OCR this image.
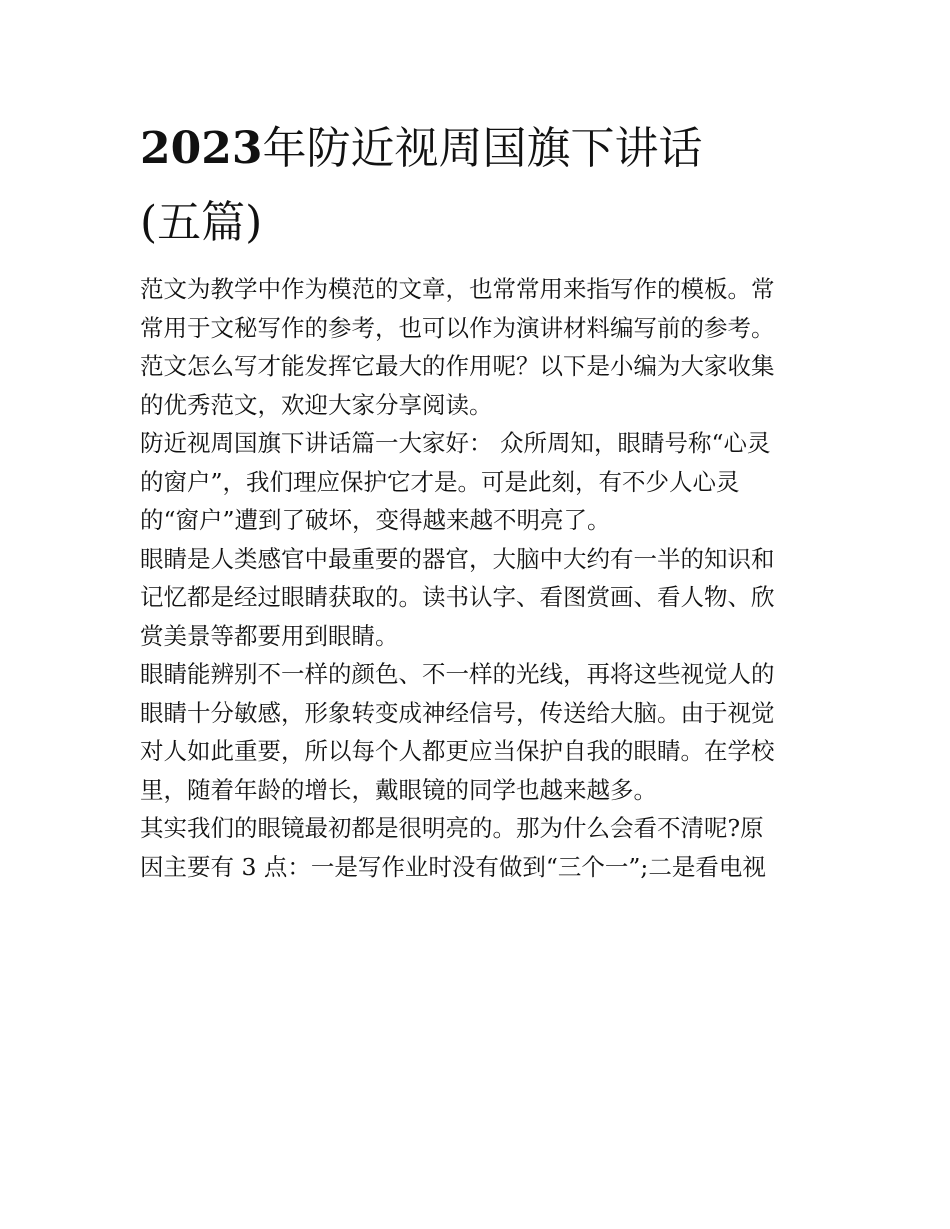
2023年防近视周国旗下讲话
(五篇)

范文为教学中作为模范的文章，也常常用来指写作的模板。常
常用于文秘写作的参考，也可以作为演讲材料编写前的参考。
范文怎么写才能发挥它最大的作用呢？以下是小编为大家收集
的优秀范文，欢迎大家分享阅读。

防近视周国旗下讲话篇一大家好： 众所周知，眼睛号称“心灵
的窗户”，我们理应保护它才是。可是此刻，有不少人心灵
的“窗户”遭到了破坏，变得越来越不明亮了。

眼睛是人类感官中最重要的器官，大脑中大约有一半的知识和
记忆都是经过眼睛获取的。读书认字、看图赏画、看人物、欣
赏美景等都要用到眼睛。

眼睛能辨别不一样的颜色、不一样的光线，再将这些视觉人的
眼睛十分敏感，形象转变成神经信号，传送给大脑。由于视觉
对人如此重要，所以每个人都更应当保护自我的眼睛。在学校
里，随着年龄的增长，戴眼镜的同学也越来越多。

其实我们的眼镜最初都是很明亮的。那为什么会看不清呢?原
因主要有 3 点：一是写作业时没有做到“三个一”;二是看电视
